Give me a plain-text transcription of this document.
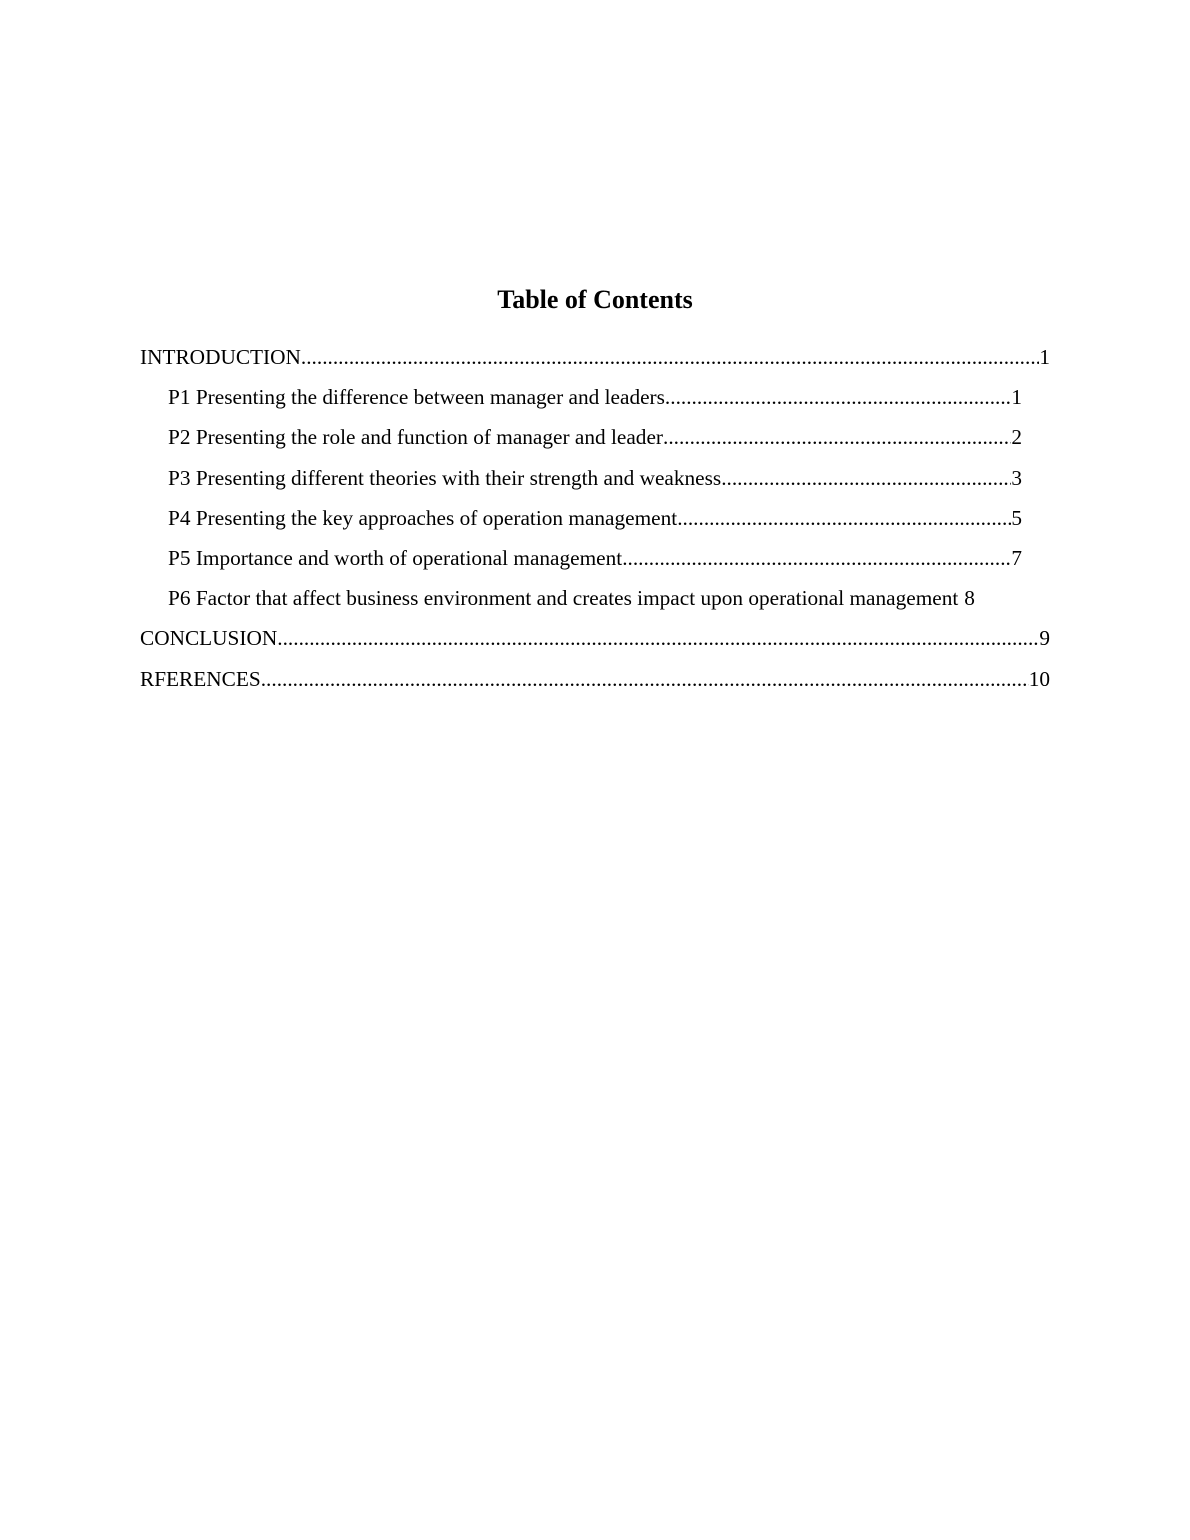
Table of Contents
INTRODUCTION .....	1
P1 Presenting the difference between manager and leaders .....	1
P2 Presenting the role and function of manager and leader .....	2
P3 Presenting different theories with their strength and weakness .....	3
P4 Presenting the key approaches of operation management .....	5
P5 Importance and worth of operational management .....	7
P6 Factor that affect business environment and creates impact upon operational management 8
CONCLUSION .....	9
RFERENCES .....	10
